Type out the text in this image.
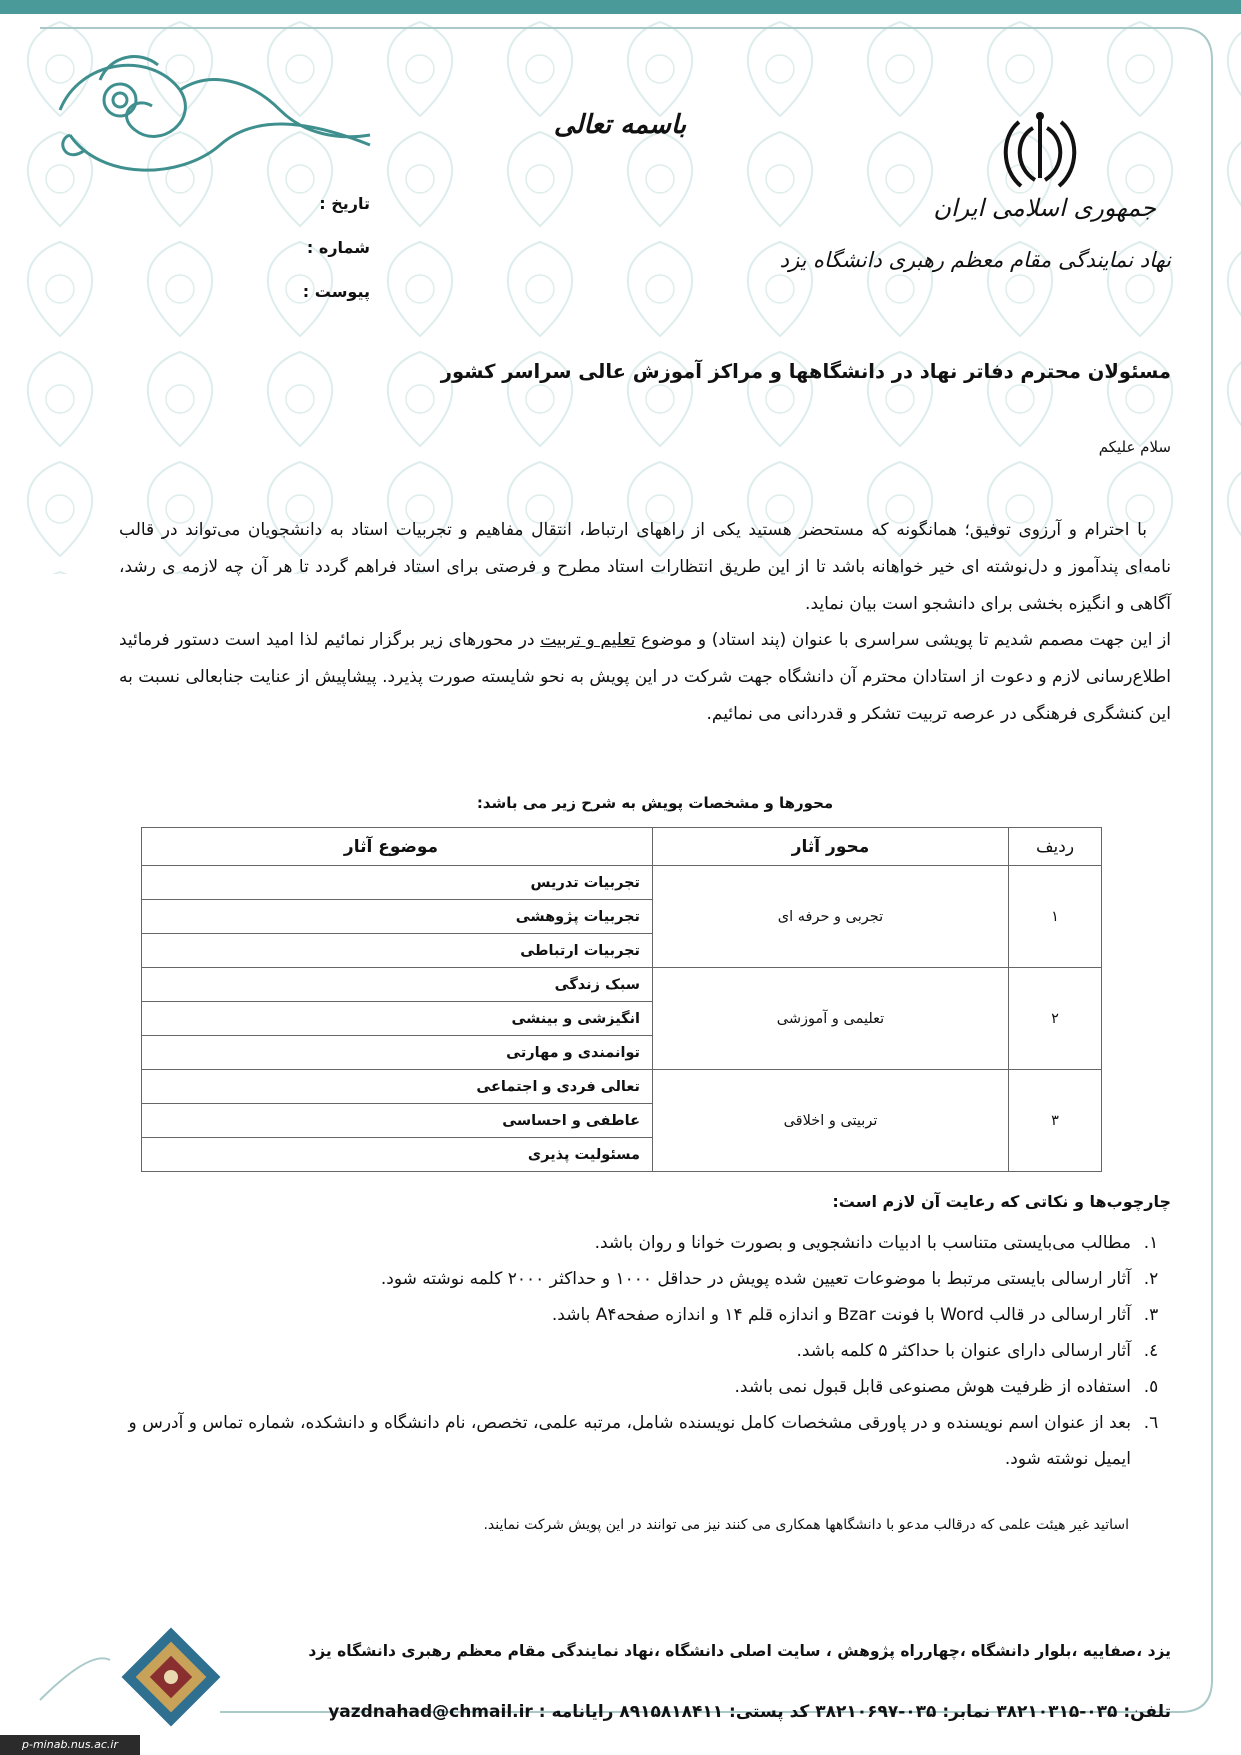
باسمه تعالی
جمهوری اسلامی ایران
نهاد نمایندگی مقام معظم رهبری دانشگاه یزد
تاریخ :
شماره :
پیوست :
مسئولان محترم دفاتر نهاد در دانشگاهها و مراکز آموزش عالی سراسر کشور
سلام علیکم

با احترام و آرزوی توفیق؛ همانگونه که مستحضر هستید یکی از راههای ارتباط، انتقال مفاهیم و تجربیات استاد به دانشجویان می‌تواند در قالب نامه‌ای پندآموز و دل‌نوشته ای خیر خواهانه باشد تا از این طریق انتظارات استاد مطرح و فرصتی برای استاد فراهم گردد تا هر آن چه لازمه ی رشد، آگاهی و انگیزه بخشی برای دانشجو است بیان نماید.

از این جهت مصمم شدیم تا پویشی سراسری با عنوان (پند استاد) و موضوع تعلیم و تربیت در محورهای زیر برگزار نمائیم لذا امید است دستور فرمائید اطلاع‌رسانی لازم و دعوت از استادان محترم آن دانشگاه جهت شرکت در این پویش به نحو شایسته صورت پذیرد. پیشاپیش از عنایت جنابعالی نسبت به این کنشگری فرهنگی در عرصه تربیت تشکر و قدردانی می نمائیم.

محورها و مشخصات پویش به شرح زیر می باشد:
ردیف	محور آثار	موضوع آثار
۱	تجربی و حرفه ای	تجربیات تدریس
		تجربیات پژوهشی
		تجربیات ارتباطی
۲	تعلیمی و آموزشی	سبک زندگی
		انگیزشی و بینشی
		توانمندی و مهارتی
۳	تربیتی و اخلاقی	تعالی فردی و اجتماعی
		عاطفی و احساسی
		مسئولیت پذیری
چارچوب‌ها و نکاتی که رعایت آن لازم است:
۱.
مطالب می‌بایستی متناسب با ادبیات دانشجویی و بصورت خوانا و روان باشد.
۲.
آثار ارسالی بایستی مرتبط با موضوعات تعیین شده پویش در حداقل ۱۰۰۰ و حداکثر ۲۰۰۰ کلمه نوشته شود.
۳.
آثار ارسالی در قالب Word با فونت Bzar و اندازه قلم ۱۴ و اندازه صفحهA۴ باشد.
٤.
آثار ارسالی دارای عنوان با حداکثر ۵ کلمه باشد.
٥.
استفاده از ظرفیت هوش مصنوعی قابل قبول نمی باشد.
٦.
بعد از عنوان اسم نویسنده و در پاورقی مشخصات کامل نویسنده شامل، مرتبه علمی، تخصص، نام دانشگاه و دانشکده، شماره تماس و آدرس و ایمیل نوشته شود.
اساتید غیر هیئت علمی که درقالب مدعو با دانشگاهها همکاری می کنند نیز می توانند در این پویش شرکت نمایند.
یزد ،صفاییه ،بلوار دانشگاه ،چهارراه پژوهش ، سایت اصلی دانشگاه ،نهاد نمایندگی مقام معظم رهبری دانشگاه یزد
تلفن: ۰۳۵-۳۸۲۱۰۳۱۵ نمابر: ۰۳۵-۳۸۲۱۰۶۹۷ کد پستی: ۸۹۱۵۸۱۸۴۱۱ رایانامه : yazdnahad@chmail.ir
p-minab.nus.ac.ir
